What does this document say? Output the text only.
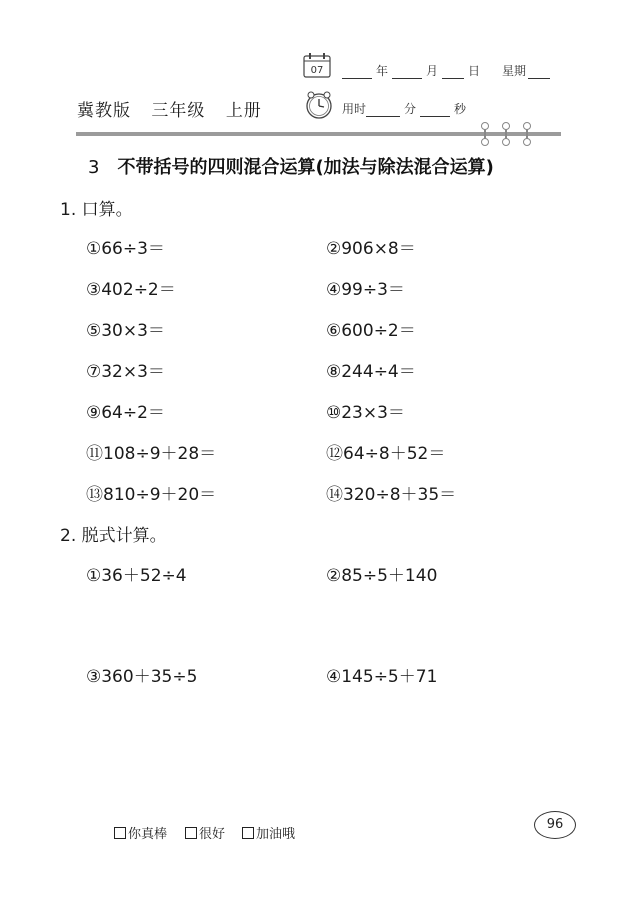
冀教版 三年级 上册
07	年	月	日 星期
用时	分	秒
3 不带括号的四则混合运算(加法与除法混合运算)
1. 口算。
①66÷3＝	②906×8＝
③402÷2＝	④99÷3＝
⑤30×3＝	⑥600÷2＝
⑦32×3＝	⑧244÷4＝
⑨64÷2＝	⑩23×3＝
⑪108÷9＋28＝	⑫64÷8＋52＝
⑬810÷9＋20＝	⑭320÷8＋35＝
2. 脱式计算。
①36＋52÷4	②85÷5＋140
③360＋35÷5	④145÷5＋71
你真棒	很好	加油哦
96
